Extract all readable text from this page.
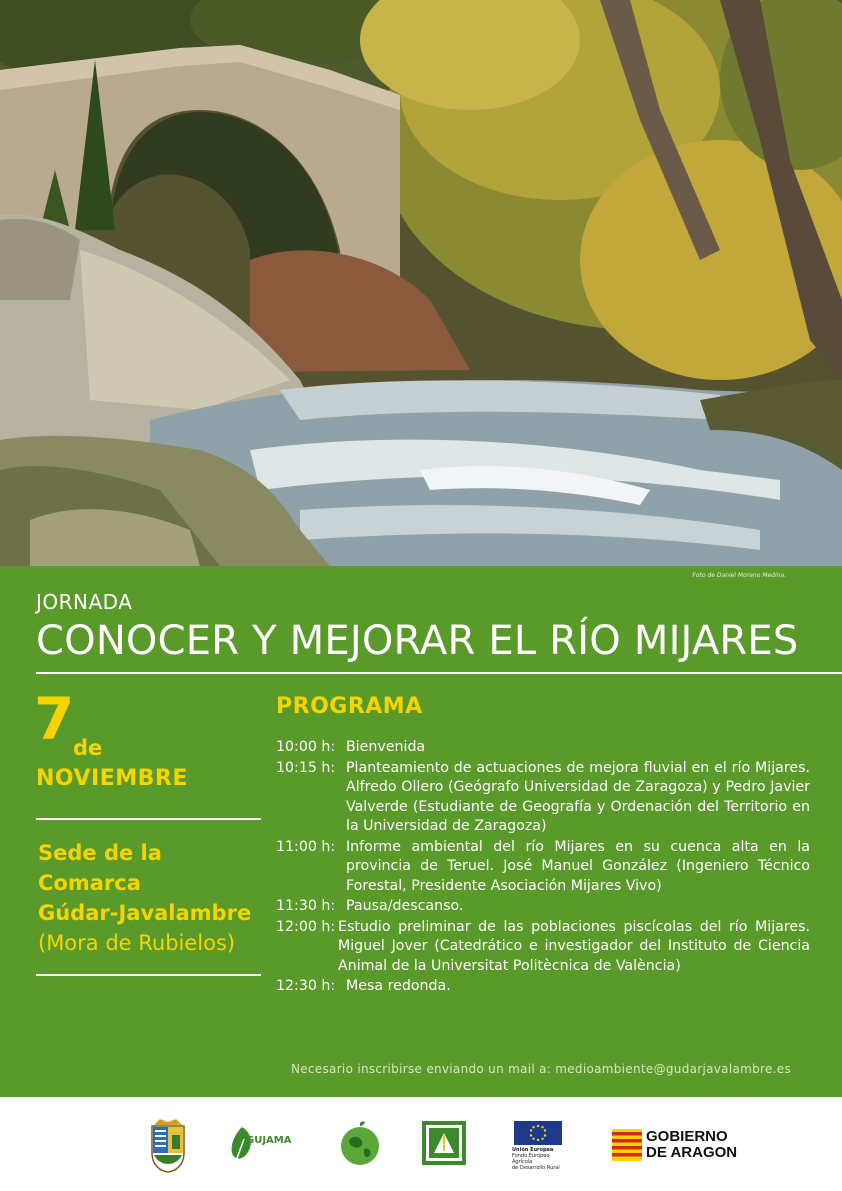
Foto de Daniel Moreno Medina.
JORNADA
CONOCER Y MEJORAR EL RÍO MIJARES
7
de
NOVIEMBRE
Sede de la
Comarca
Gúdar-Javalambre
(Mora de Rubielos)
PROGRAMA
10:00 h: Bienvenida
10:15 h: Planteamiento de actuaciones de mejora fluvial en el río Mijares. Alfredo Ollero (Geógrafo Universidad de Zaragoza) y Pedro Javier Valverde (Estudiante de Geografía y Ordenación del Territorio en la Universidad de Zaragoza)
11:00 h: Informe ambiental del río Mijares en su cuenca alta en la provincia de Teruel. José Manuel González (Ingeniero Técnico Forestal, Presidente Asociación Mijares Vivo)
11:30 h: Pausa/descanso.
12:00 h: Estudio preliminar de las poblaciones piscícolas del río Mijares. Miguel Jover (Catedrático e investigador del Instituto de Ciencia Animal de la Universitat Politècnica de València)
12:30 h: Mesa redonda.
Necesario inscribirse enviando un mail a: medioambiente@gudarjavalambre.es
GUJAMA
Unión Europea
Fondo Europeo Agrícola
de Desarrollo Rural
GOBIERNO
DE ARAGON
